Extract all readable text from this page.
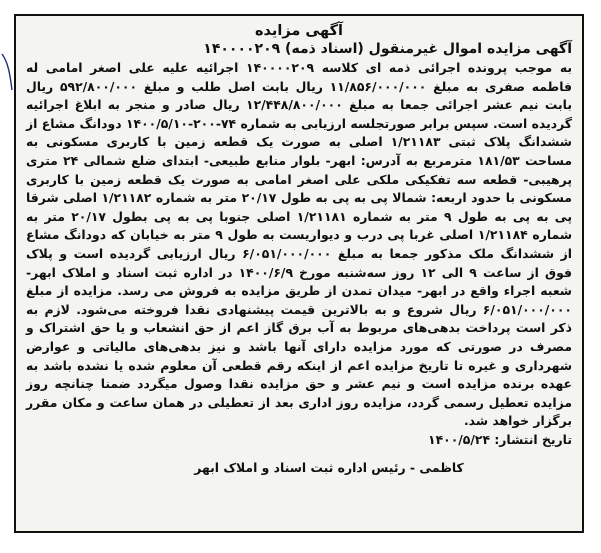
آگهی مزایده

آگهی مزایده اموال غیرمنقول (اسناد ذمه) ۱۴۰۰۰۰۲۰۹

به موجب پرونده اجرائی ذمه ای کلاسه ۱۴۰۰۰۰۲۰۹ اجرائیه علیه علی اصغر امامی له فاطمه صفری به مبلغ ۱۱/۸۵۶/۰۰۰/۰۰۰ ریال بابت اصل طلب و مبلغ ۵۹۲/۸۰۰/۰۰۰ ریال بابت نیم عشر اجرائی جمعا به مبلغ ۱۲/۴۴۸/۸۰۰/۰۰۰ ریال صادر و منجر به ابلاغ اجرائیه گردیده است. سپس برابر صورتجلسه ارزیابی به شماره ۷۴-۲۰۰-۱۴۰۰/۵/۱۰ دودانگ مشاع از ششدانگ پلاک ثبتی ۱/۲۱۱۸۳ اصلی به صورت یک قطعه زمین با کاربری مسکونی به مساحت ۱۸۱/۵۳ مترمربع به آدرس: ابهر- بلوار منابع طبیعی- ابتدای ضلع شمالی ۲۴ متری پرهیبی- قطعه سه تفکیکی ملکی علی اصغر امامی به صورت یک قطعه زمین با کاربری مسکونی با حدود اربعه: شمالا پی به پی به طول ۲۰/۱۷ متر به شماره ۱/۲۱۱۸۲ اصلی شرقا پی به پی به طول ۹ متر به شماره ۱/۲۱۱۸۱ اصلی جنوبا پی به پی بطول ۲۰/۱۷ متر به شماره ۱/۲۱۱۸۴ اصلی غربا پی درب و دیواریست به طول ۹ متر به خیابان که دودانگ مشاع از ششدانگ ملک مذکور جمعا به مبلغ ۶/۰۵۱/۰۰۰/۰۰۰ ریال ارزیابی گردیده است و پلاک فوق از ساعت ۹ الی ۱۲ روز سه‌شنبه مورخ ۱۴۰۰/۶/۹ در اداره ثبت اسناد و املاک ابهر- شعبه اجراء واقع در ابهر- میدان تمدن از طریق مزایده به فروش می رسد. مزایده از مبلغ ۶/۰۵۱/۰۰۰/۰۰۰ ریال شروع و به بالاترین قیمت پیشنهادی نقدا فروخته می‌شود. لازم به ذکر است پرداخت بدهی‌های مربوط به آب برق گاز اعم از حق انشعاب و یا حق اشتراک و مصرف در صورتی که مورد مزایده دارای آنها باشد و نیز بدهی‌های مالیاتی و عوارض شهرداری و غیره تا تاریخ مزایده اعم از اینکه رقم قطعی آن معلوم شده یا نشده باشد به عهده برنده مزایده است و نیم عشر و حق مزایده نقدا وصول میگردد ضمنا چنانچه روز مزایده تعطیل رسمی گردد، مزایده روز اداری بعد از تعطیلی در همان ساعت و مکان مقرر برگزار خواهد شد.

تاریخ انتشار: ۱۴۰۰/۵/۲۴

کاظمی - رئیس اداره ثبت اسناد و املاک ابهر
